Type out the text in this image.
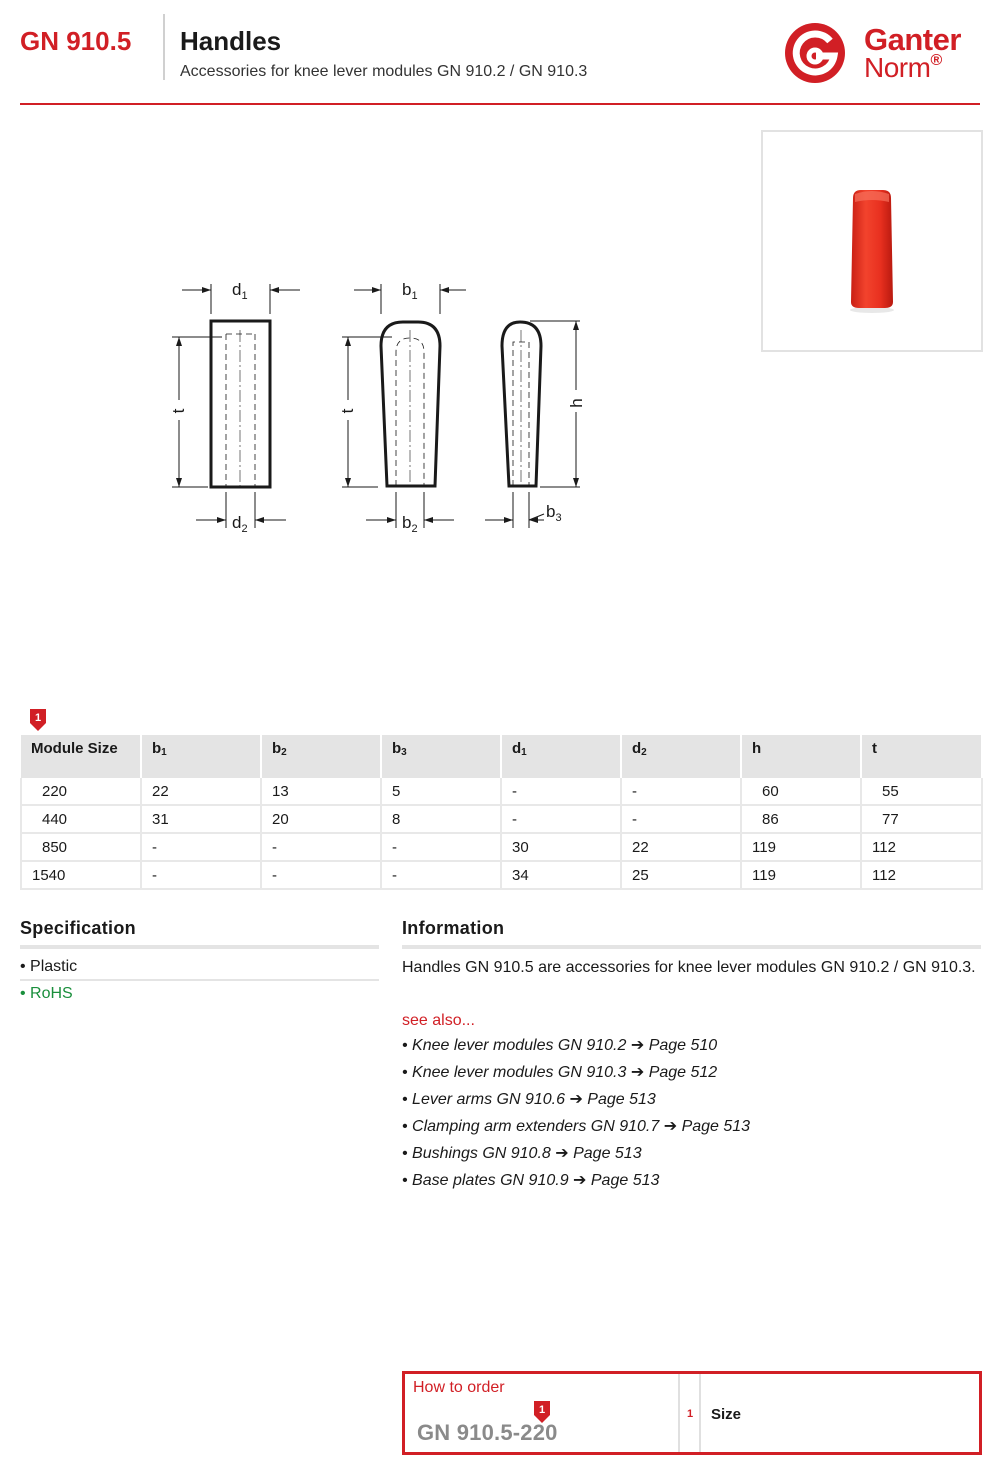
GN 910.5 Handles
Accessories for knee lever modules GN 910.2 / GN 910.3
Ganter
Norm®
$d_1$
$d_2$
t
$b_1$
$b_2$
t
h
$b_3$
1
Module Size	$b_1$	$b_2$	$b_3$	$d_1$	$d_2$	h	t
220	22	13	5	-	-	60	55
440	31	20	8	-	-	86	77
850	-	-	-	30	22	119	112
1540	-	-	-	34	25	119	112
Specification
• Plastic
• RoHS
Information
Handles GN 910.5 are accessories for knee lever modules GN 910.2 / GN 910.3.
see also...
• Knee lever modules GN 910.2 ➔ Page 510
• Knee lever modules GN 910.3 ➔ Page 512
• Lever arms GN 910.6 ➔ Page 513
• Clamping arm extenders GN 910.7 ➔ Page 513
• Bushings GN 910.8 ➔ Page 513
• Base plates GN 910.9 ➔ Page 513
How to order
1
GN 910.5-220
1 Size
